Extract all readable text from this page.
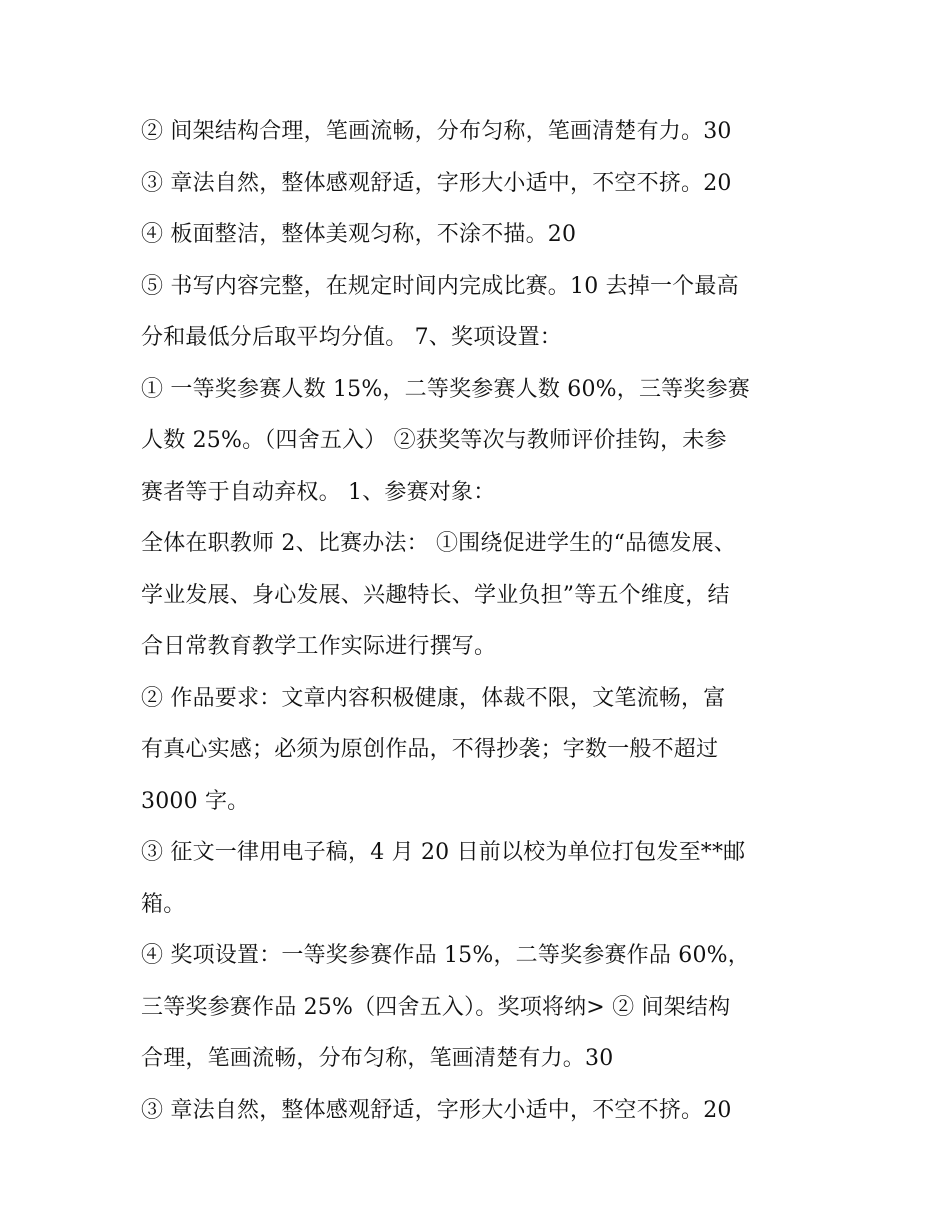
② 间架结构合理，笔画流畅，分布匀称，笔画清楚有力。30
③ 章法自然，整体感观舒适，字形大小适中，不空不挤。20
④ 板面整洁，整体美观匀称，不涂不描。20
⑤ 书写内容完整，在规定时间内完成比赛。10 去掉一个最高
分和最低分后取平均分值。 7、奖项设置：
① 一等奖参赛人数 15%，二等奖参赛人数 60%，三等奖参赛
人数 25%。（四舍五入） ②获奖等次与教师评价挂钩，未参
赛者等于自动弃权。 1、参赛对象：
全体在职教师 2、比赛办法： ①围绕促进学生的“品德发展、
学业发展、身心发展、兴趣特长、学业负担”等五个维度，结
合日常教育教学工作实际进行撰写。
② 作品要求：文章内容积极健康，体裁不限，文笔流畅，富
有真心实感；必须为原创作品，不得抄袭；字数一般不超过
3000 字。
③ 征文一律用电子稿，4 月 20 日前以校为单位打包发至**邮
箱。
④ 奖项设置：一等奖参赛作品 15%，二等奖参赛作品 60%，
三等奖参赛作品 25%（四舍五入）。奖项将纳> ② 间架结构
合理，笔画流畅，分布匀称，笔画清楚有力。30
③ 章法自然，整体感观舒适，字形大小适中，不空不挤。20
